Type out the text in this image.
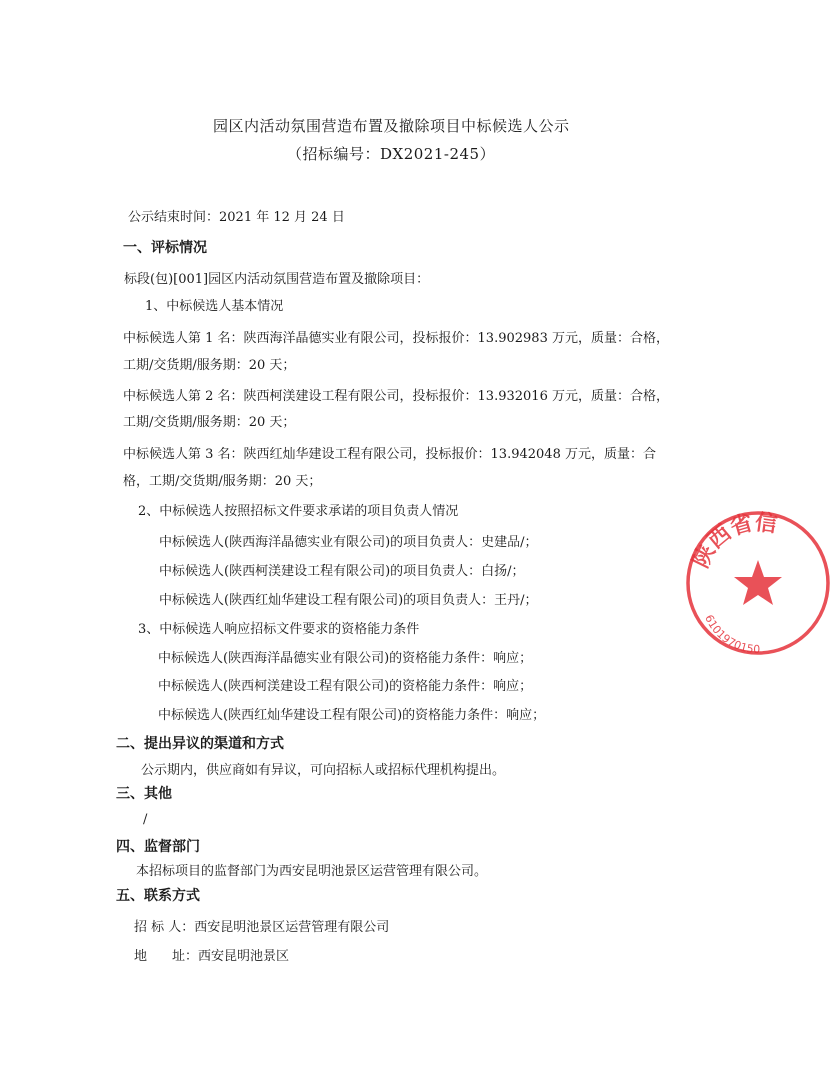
园区内活动氛围营造布置及撤除项目中标候选人公示
（招标编号：DX2021-245）
公示结束时间：2021 年 12 月 24 日
一、评标情况
标段(包)[001]园区内活动氛围营造布置及撤除项目：
1、中标候选人基本情况
中标候选人第 1 名：陕西海洋晶德实业有限公司，投标报价：13.902983 万元，质量：合格，
工期/交货期/服务期：20 天；
中标候选人第 2 名：陕西柯渼建设工程有限公司，投标报价：13.932016 万元，质量：合格，
工期/交货期/服务期：20 天；
中标候选人第 3 名：陕西红灿华建设工程有限公司，投标报价：13.942048 万元，质量：合
格，工期/交货期/服务期：20 天；
2、中标候选人按照招标文件要求承诺的项目负责人情况
中标候选人(陕西海洋晶德实业有限公司)的项目负责人：史建品/；
中标候选人(陕西柯渼建设工程有限公司)的项目负责人：白扬/；
中标候选人(陕西红灿华建设工程有限公司)的项目负责人：王丹/；
3、中标候选人响应招标文件要求的资格能力条件
中标候选人(陕西海洋晶德实业有限公司)的资格能力条件：响应；
中标候选人(陕西柯渼建设工程有限公司)的资格能力条件：响应；
中标候选人(陕西红灿华建设工程有限公司)的资格能力条件：响应；
二、提出异议的渠道和方式
公示期内，供应商如有异议，可向招标人或招标代理机构提出。
三、其他
/
四、监督部门
本招标项目的监督部门为西安昆明池景区运营管理有限公司。
五、联系方式
招 标 人：西安昆明池景区运营管理有限公司
地 址：西安昆明池景区
陕西省信
6101970150
